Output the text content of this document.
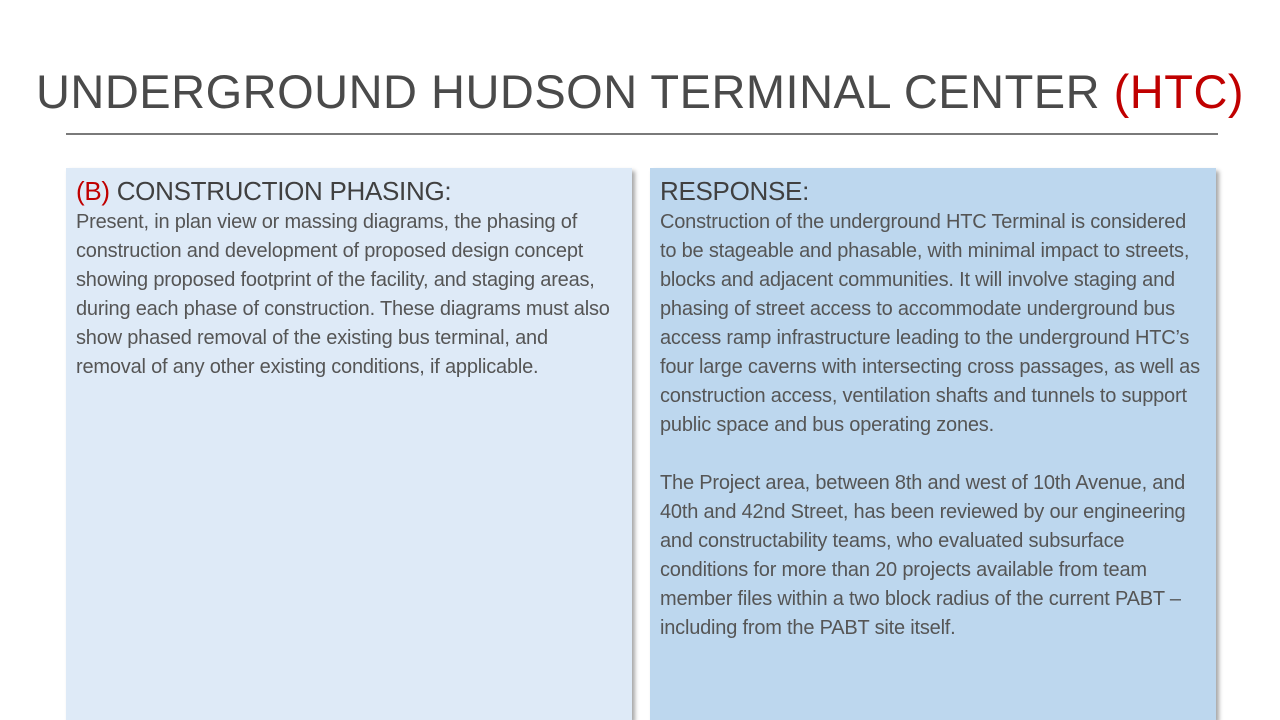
UNDERGROUND HUDSON TERMINAL CENTER (HTC)
(B) CONSTRUCTION PHASING:

Present, in plan view or massing diagrams, the phasing of construction and development of proposed design concept showing proposed footprint of the facility, and staging areas, during each phase of construction. These diagrams must also show phased removal of the existing bus terminal, and removal of any other existing conditions, if applicable.

RESPONSE:

Construction of the underground HTC Terminal is considered to be stageable and phasable, with minimal impact to streets, blocks and adjacent communities. It will involve staging and phasing of street access to accommodate underground bus access ramp infrastructure leading to the underground HTC’s four large caverns with intersecting cross passages, as well as construction access, ventilation shafts and tunnels to support public space and bus operating zones.

The Project area, between 8th and west of 10th Avenue, and 40th and 42nd Street, has been reviewed by our engineering and constructability teams, who evaluated subsurface conditions for more than 20 projects available from team member files within a two block radius of the current PABT – including from the PABT site itself.
